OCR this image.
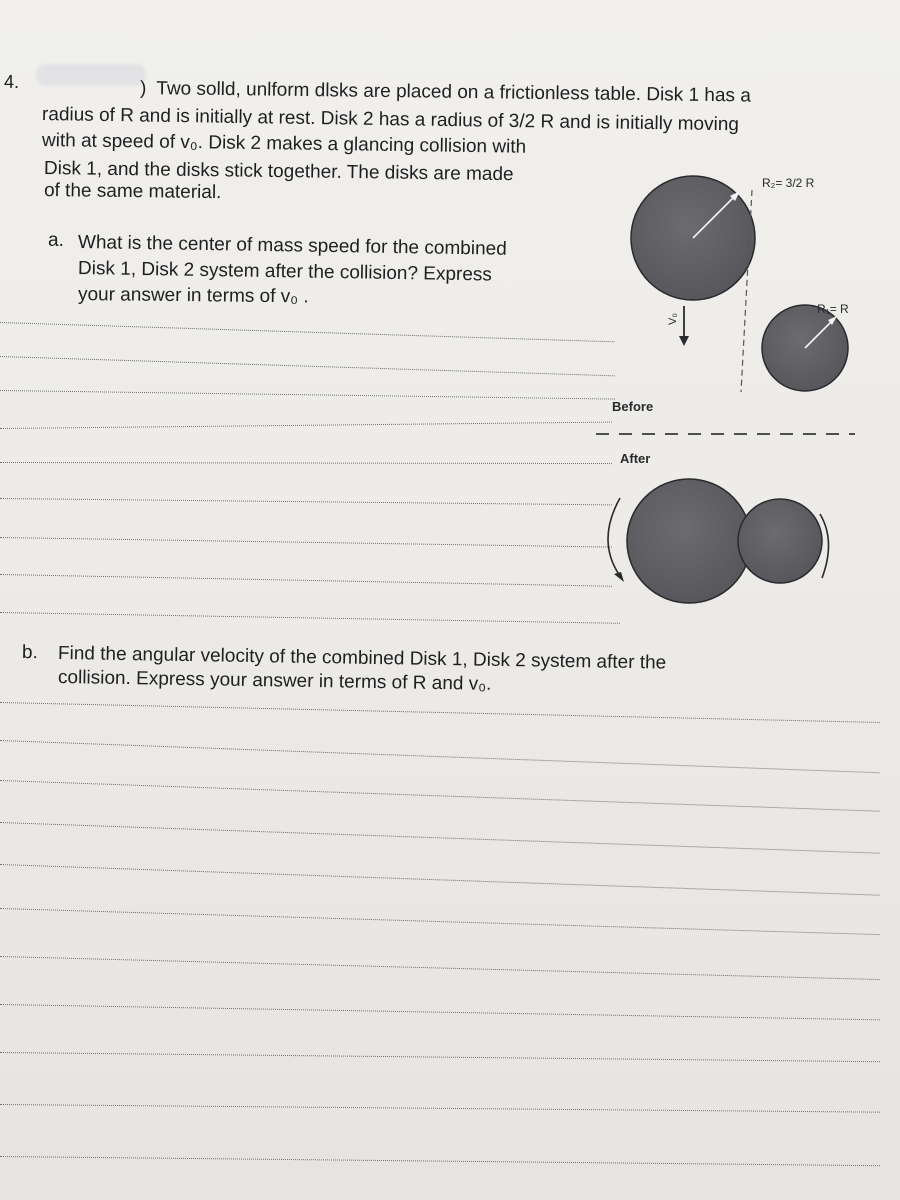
4.	) Two solld, unlform dlsks are placed on a frictionless table. Disk 1 has a
radius of R and is initially at rest. Disk 2 has a radius of 3/2 R and is initially moving
with at speed of v₀. Disk 2 makes a glancing collision with
Disk 1, and the disks stick together. The disks are made
of the same material.
a. What is the center of mass speed for the combined
Disk 1, Disk 2 system after the collision? Express
your answer in terms of v₀ .
R₂= 3/2 R
R₁= R
V₀
Before
After
b. Find the angular velocity of the combined Disk 1, Disk 2 system after the
collision. Express your answer in terms of R and v₀.
